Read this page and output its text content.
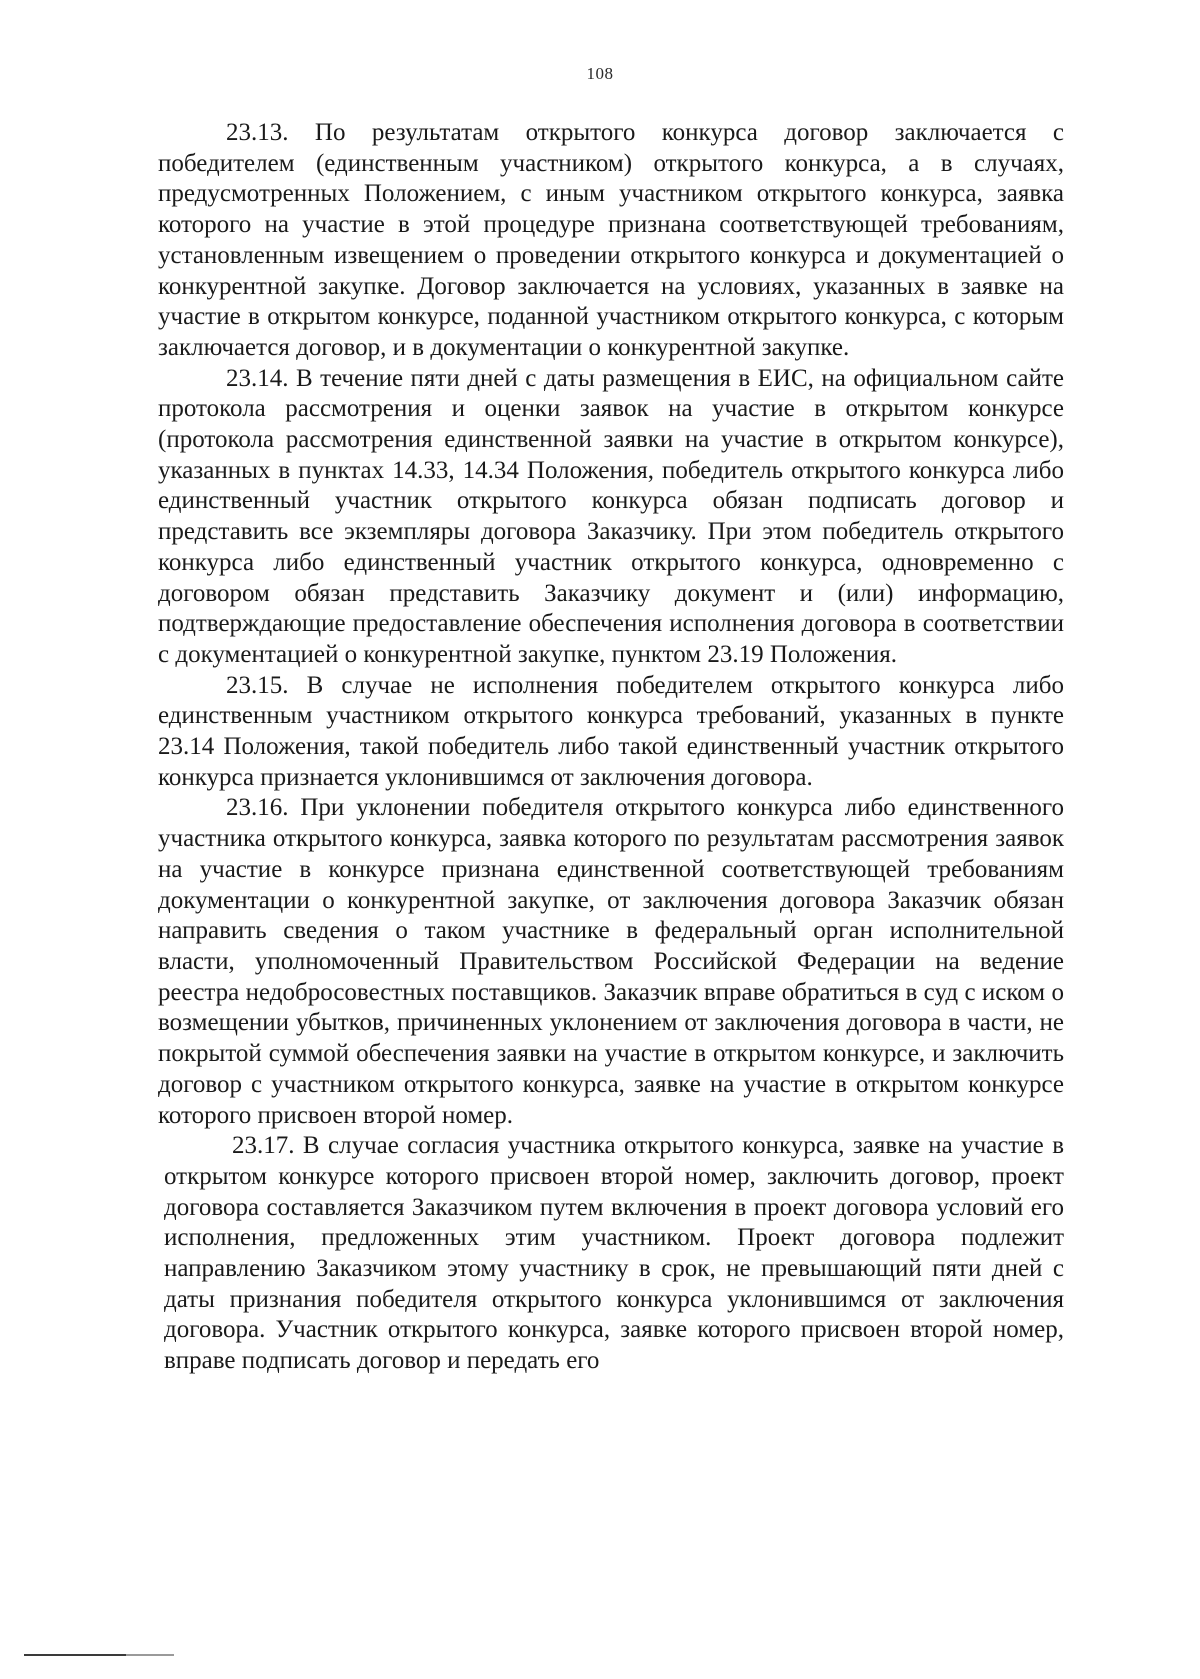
108

23.13. По результатам открытого конкурса договор заключается с победителем (единственным участником) открытого конкурса, а в случаях, предусмотренных Положением, с иным участником открытого конкурса, заявка которого на участие в этой процедуре признана соответствующей требованиям, установленным извещением о проведении открытого конкурса и документацией о конкурентной закупке. Договор заключается на условиях, указанных в заявке на участие в открытом конкурсе, поданной участником открытого конкурса, с которым заключается договор, и в документации о конкурентной закупке.

23.14. В течение пяти дней с даты размещения в ЕИС, на официальном сайте протокола рассмотрения и оценки заявок на участие в открытом конкурсе (протокола рассмотрения единственной заявки на участие в открытом конкурсе), указанных в пунктах 14.33, 14.34 Положения, победитель открытого конкурса либо единственный участник открытого конкурса обязан подписать договор и представить все экземпляры договора Заказчику. При этом победитель открытого конкурса либо единственный участник открытого конкурса, одновременно с договором обязан представить Заказчику документ и (или) информацию, подтверждающие предоставление обеспечения исполнения договора в соответствии с документацией о конкурентной закупке, пунктом 23.19 Положения.

23.15. В случае не исполнения победителем открытого конкурса либо единственным участником открытого конкурса требований, указанных в пункте 23.14 Положения, такой победитель либо такой единственный участник открытого конкурса признается уклонившимся от заключения договора.

23.16. При уклонении победителя открытого конкурса либо единственного участника открытого конкурса, заявка которого по результатам рассмотрения заявок на участие в конкурсе признана единственной соответствующей требованиям документации о конкурентной закупке, от заключения договора Заказчик обязан направить сведения о таком участнике в федеральный орган исполнительной власти, уполномоченный Правительством Российской Федерации на ведение реестра недобросовестных поставщиков. Заказчик вправе обратиться в суд с иском о возмещении убытков, причиненных уклонением от заключения договора в части, не покрытой суммой обеспечения заявки на участие в открытом конкурсе, и заключить договор с участником открытого конкурса, заявке на участие в открытом конкурсе которого присвоен второй номер.

23.17. В случае согласия участника открытого конкурса, заявке на участие в открытом конкурсе которого присвоен второй номер, заключить договор, проект договора составляется Заказчиком путем включения в проект договора условий его исполнения, предложенных этим участником. Проект договора подлежит направлению Заказчиком этому участнику в срок, не превышающий пяти дней с даты признания победителя открытого конкурса уклонившимся от заключения договора. Участник открытого конкурса, заявке которого присвоен второй номер, вправе подписать договор и передать его
